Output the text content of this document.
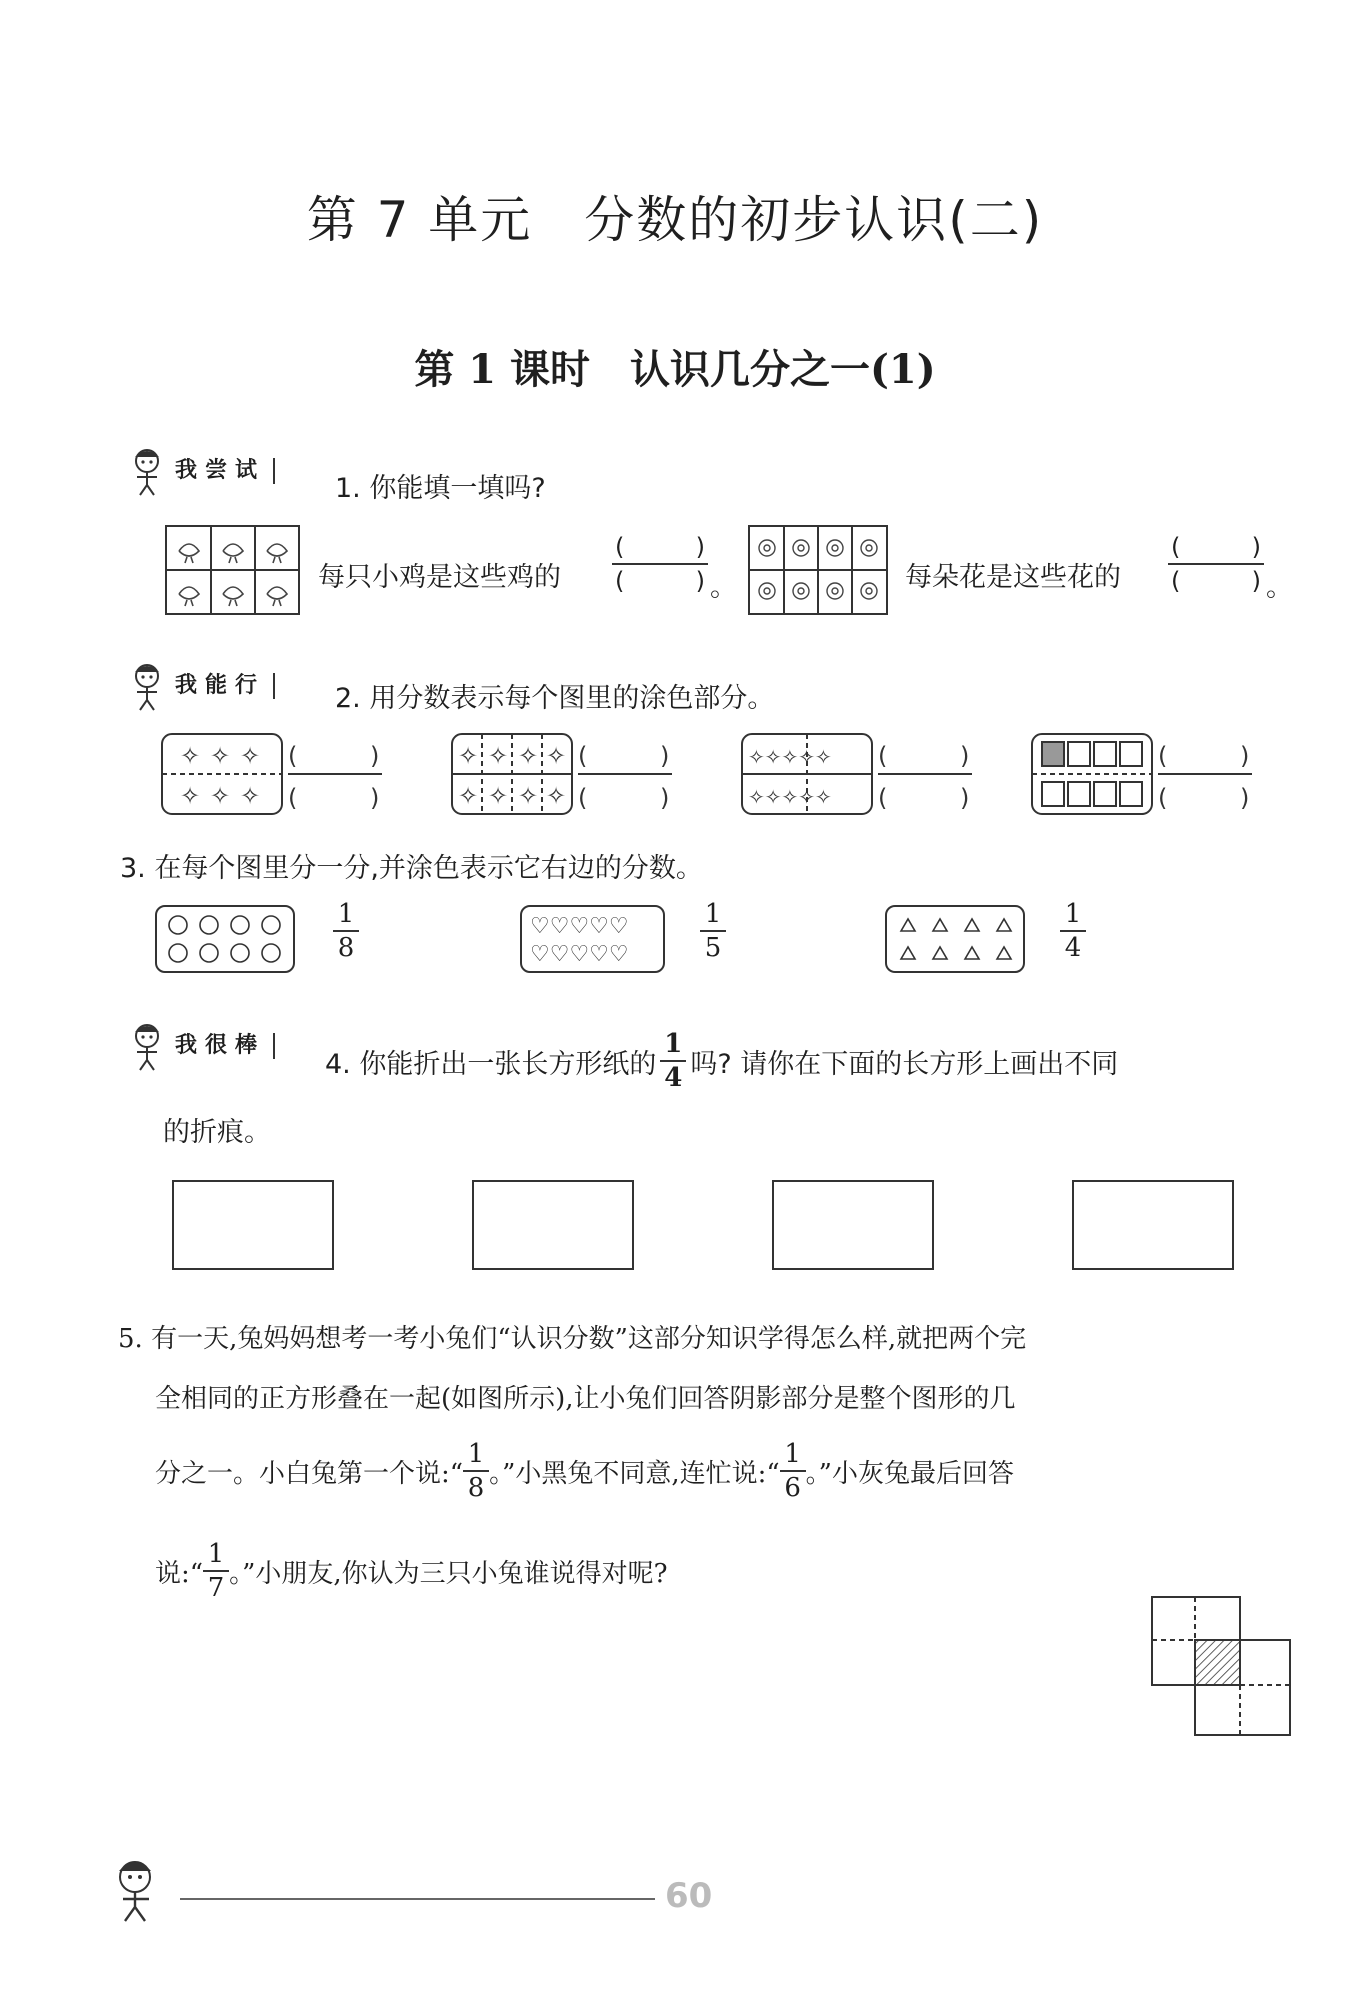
第 7 单元　分数的初步认识(二)
第 1 课时　认识几分之一(1)
我尝试
1. 你能填一填吗?
每只小鸡是这些鸡的
(	)
(	) 。	每朵花是这些花的
(	)
(	) 。
我能行	2. 用分数表示每个图里的涂色部分。
✧ ✧ ✧
✧ ✧ ✧
✧ ✧ ✧ ✧
✧ ✧ ✧ ✧
✧✧✧✧✧
✧✧✧✧✧
(	)
(	)
(	)
(	)
(	)
(	)
(	)
(	)
3. 在每个图里分一分,并涂色表示它右边的分数。
1
8
♡♡♡♡♡
♡♡♡♡♡
1
5
1
4
我很棒
4. 你能折出一张长方形纸的 $\frac{1}{4}$ 吗? 请你在下面的长方形上画出不同
的折痕。
5. 有一天,兔妈妈想考一考小兔们“认识分数”这部分知识学得怎么样,就把两个完
全相同的正方形叠在一起(如图所示),让小兔们回答阴影部分是整个图形的几
分之一。小白兔第一个说:“ $\frac{1}{8}$ 。”小黑兔不同意,连忙说:“ $\frac{1}{6}$ 。”小灰兔最后回答
说:“ $\frac{1}{7}$ 。”小朋友,你认为三只小兔谁说得对呢?
60
